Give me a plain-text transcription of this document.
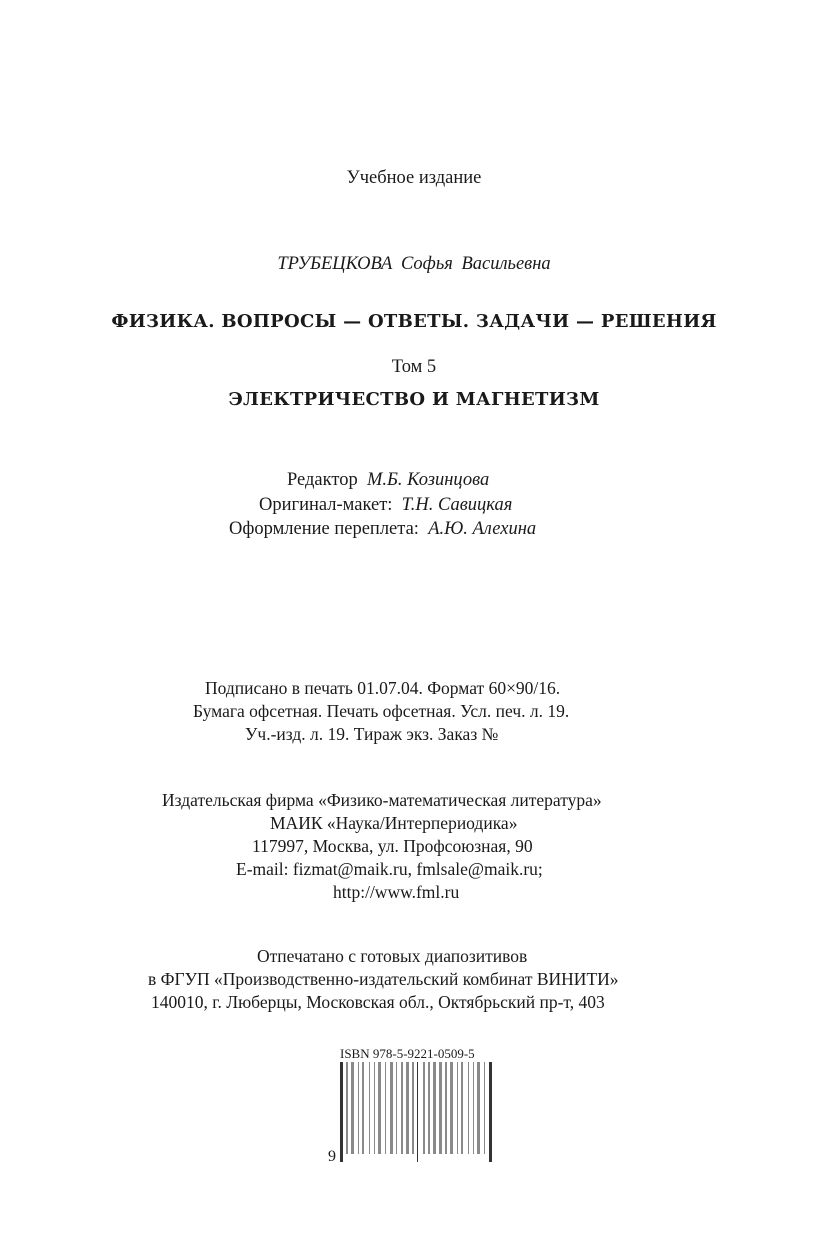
Учебное издание
ТРУБЕЦКОВА Софья Васильевна
ФИЗИКА. ВОПРОСЫ — ОТВЕТЫ. ЗАДАЧИ — РЕШЕНИЯ
Том 5
ЭЛЕКТРИЧЕСТВО И МАГНЕТИЗМ
Редактор М.Б. Козинцова
Оригинал-макет: Т.Н. Савицкая
Оформление переплета: А.Ю. Алехина
Подписано в печать 01.07.04. Формат 60×90/16.
Бумага офсетная. Печать офсетная. Усл. печ. л. 19.
Уч.-изд. л. 19. Тираж экз. Заказ №
Издательская фирма «Физико-математическая литература»
МАИК «Наука/Интерпериодика»
117997, Москва, ул. Профсоюзная, 90
E-mail: fizmat@maik.ru, fmlsale@maik.ru;
http://www.fml.ru
Отпечатано с готовых диапозитивов
в ФГУП «Производственно-издательский комбинат ВИНИТИ»
140010, г. Люберцы, Московская обл., Октябрьский пр-т, 403
ISBN 978-5-9221-0509-5
9
